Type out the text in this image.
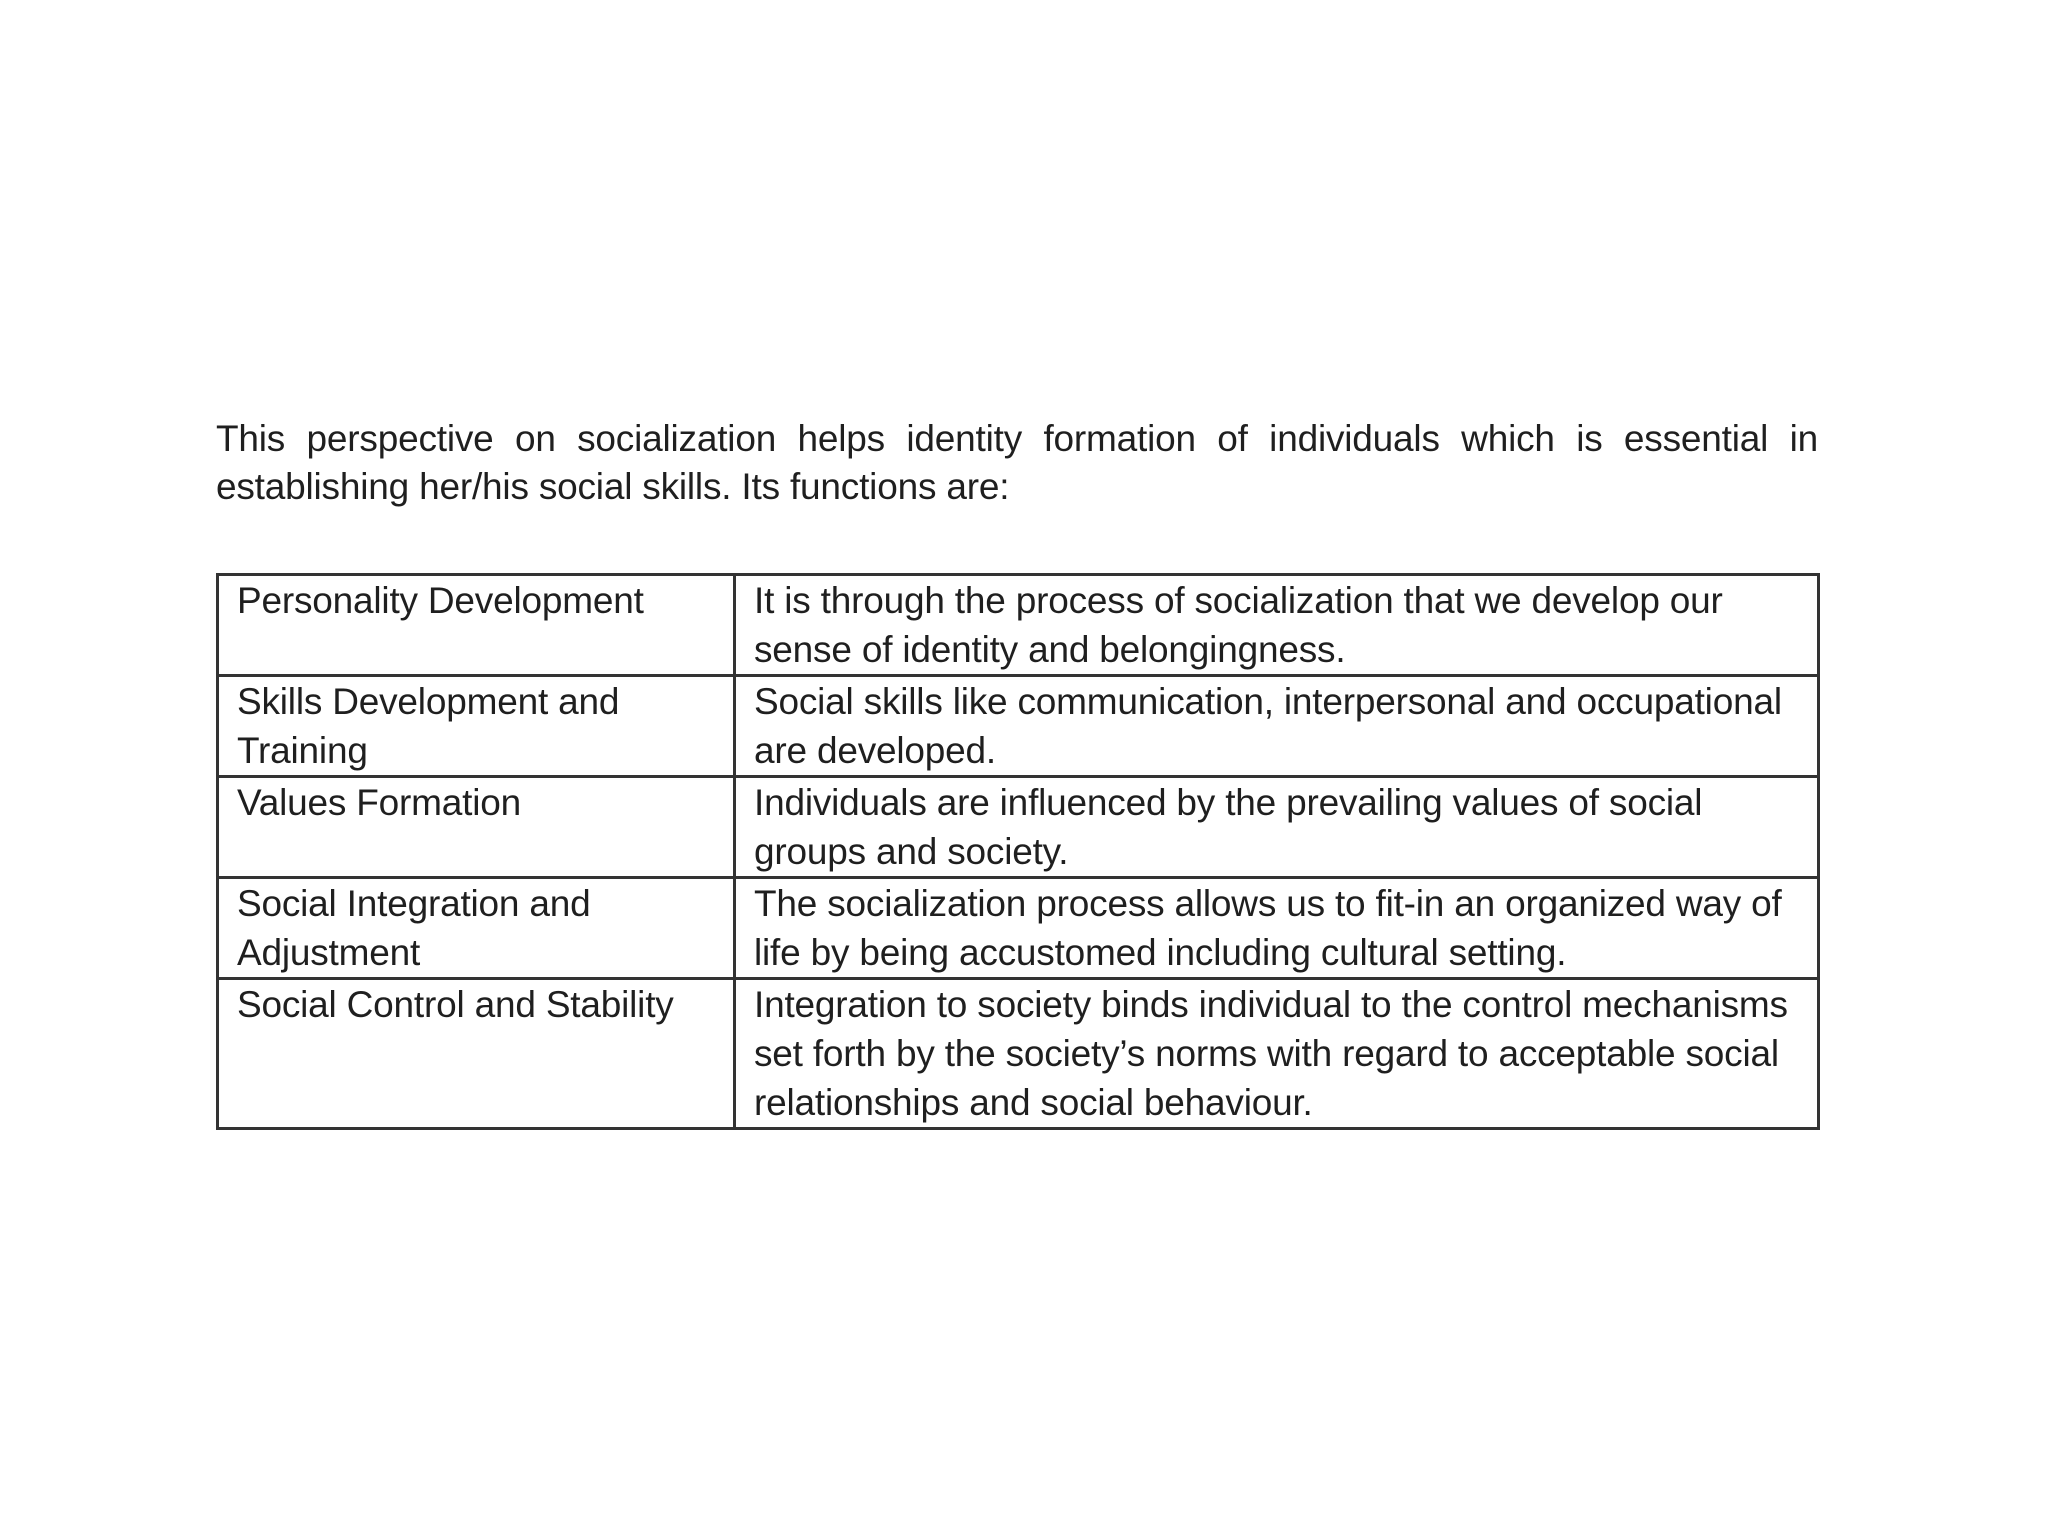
This perspective on socialization helps identity formation of individuals which is essential in establishing her/his social skills. Its functions are:

Personality Development	It is through the process of socialization that we develop our sense of identity and belongingness.
Skills Development and Training	Social skills like communication, interpersonal and occupational are developed.
Values Formation	Individuals are influenced by the prevailing values of social groups and society.
Social Integration and Adjustment	The socialization process allows us to fit-in an organized way of life by being accustomed including cultural setting.
Social Control and Stability	Integration to society binds individual to the control mechanisms set forth by the society’s norms with regard to acceptable social relationships and social behaviour.
